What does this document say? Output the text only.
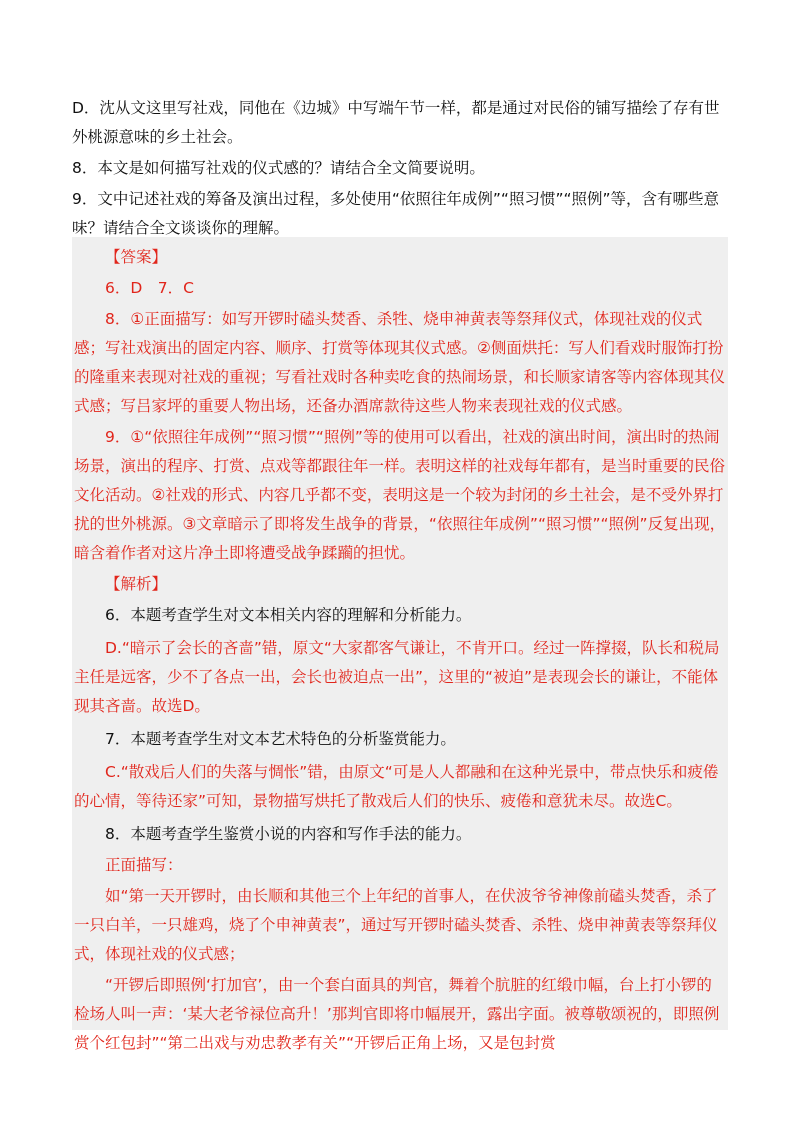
D．沈从文这里写社戏，同他在《边城》中写端午节一样，都是通过对民俗的铺写描绘了存有世外桃源意味的乡土社会。

8．本文是如何描写社戏的仪式感的？请结合全文简要说明。

9．文中记述社戏的筹备及演出过程，多处使用“依照往年成例”“照习惯”“照例”等，含有哪些意味？请结合全文谈谈你的理解。

【答案】

6．D　7．C

8．①正面描写：如写开锣时磕头焚香、杀牲、烧申神黄表等祭拜仪式，体现社戏的仪式感；写社戏演出的固定内容、顺序、打赏等体现其仪式感。②侧面烘托：写人们看戏时服饰打扮的隆重来表现对社戏的重视；写看社戏时各种卖吃食的热闹场景，和长顺家请客等内容体现其仪式感；写吕家坪的重要人物出场，还备办酒席款待这些人物来表现社戏的仪式感。

9．①“依照往年成例”“照习惯”“照例”等的使用可以看出，社戏的演出时间，演出时的热闹场景，演出的程序、打赏、点戏等都跟往年一样。表明这样的社戏每年都有，是当时重要的民俗文化活动。②社戏的形式、内容几乎都不变，表明这是一个较为封闭的乡土社会，是不受外界打扰的世外桃源。③文章暗示了即将发生战争的背景，“依照往年成例”“照习惯”“照例”反复出现，暗含着作者对这片净土即将遭受战争蹂躏的担忧。

【解析】

6．本题考查学生对文本相关内容的理解和分析能力。

D.“暗示了会长的吝啬”错，原文“大家都客气谦让，不肯开口。经过一阵撑掇，队长和税局主任是远客，少不了各点一出，会长也被迫点一出”，这里的“被迫”是表现会长的谦让，不能体现其吝啬。故选D。

7．本题考查学生对文本艺术特色的分析鉴赏能力。

C.“散戏后人们的失落与惆怅”错，由原文“可是人人都融和在这种光景中，带点快乐和疲倦的心情，等待还家”可知，景物描写烘托了散戏后人们的快乐、疲倦和意犹未尽。故选C。

8．本题考查学生鉴赏小说的内容和写作手法的能力。

正面描写：

如“第一天开锣时，由长顺和其他三个上年纪的首事人，在伏波爷爷神像前磕头焚香，杀了一只白羊，一只雄鸡，烧了个申神黄表”，通过写开锣时磕头焚香、杀牲、烧申神黄表等祭拜仪式，体现社戏的仪式感；

“开锣后即照例‘打加官’，由一个套白面具的判官，舞着个肮脏的红缎巾幅，台上打小锣的检场人叫一声：‘某大老爷禄位高升！’那判官即将巾幅展开，露出字面。被尊敬颂祝的，即照例赏个红包封”“第二出戏与劝忠教孝有关”“开锣后正角上场，又是包封赏
